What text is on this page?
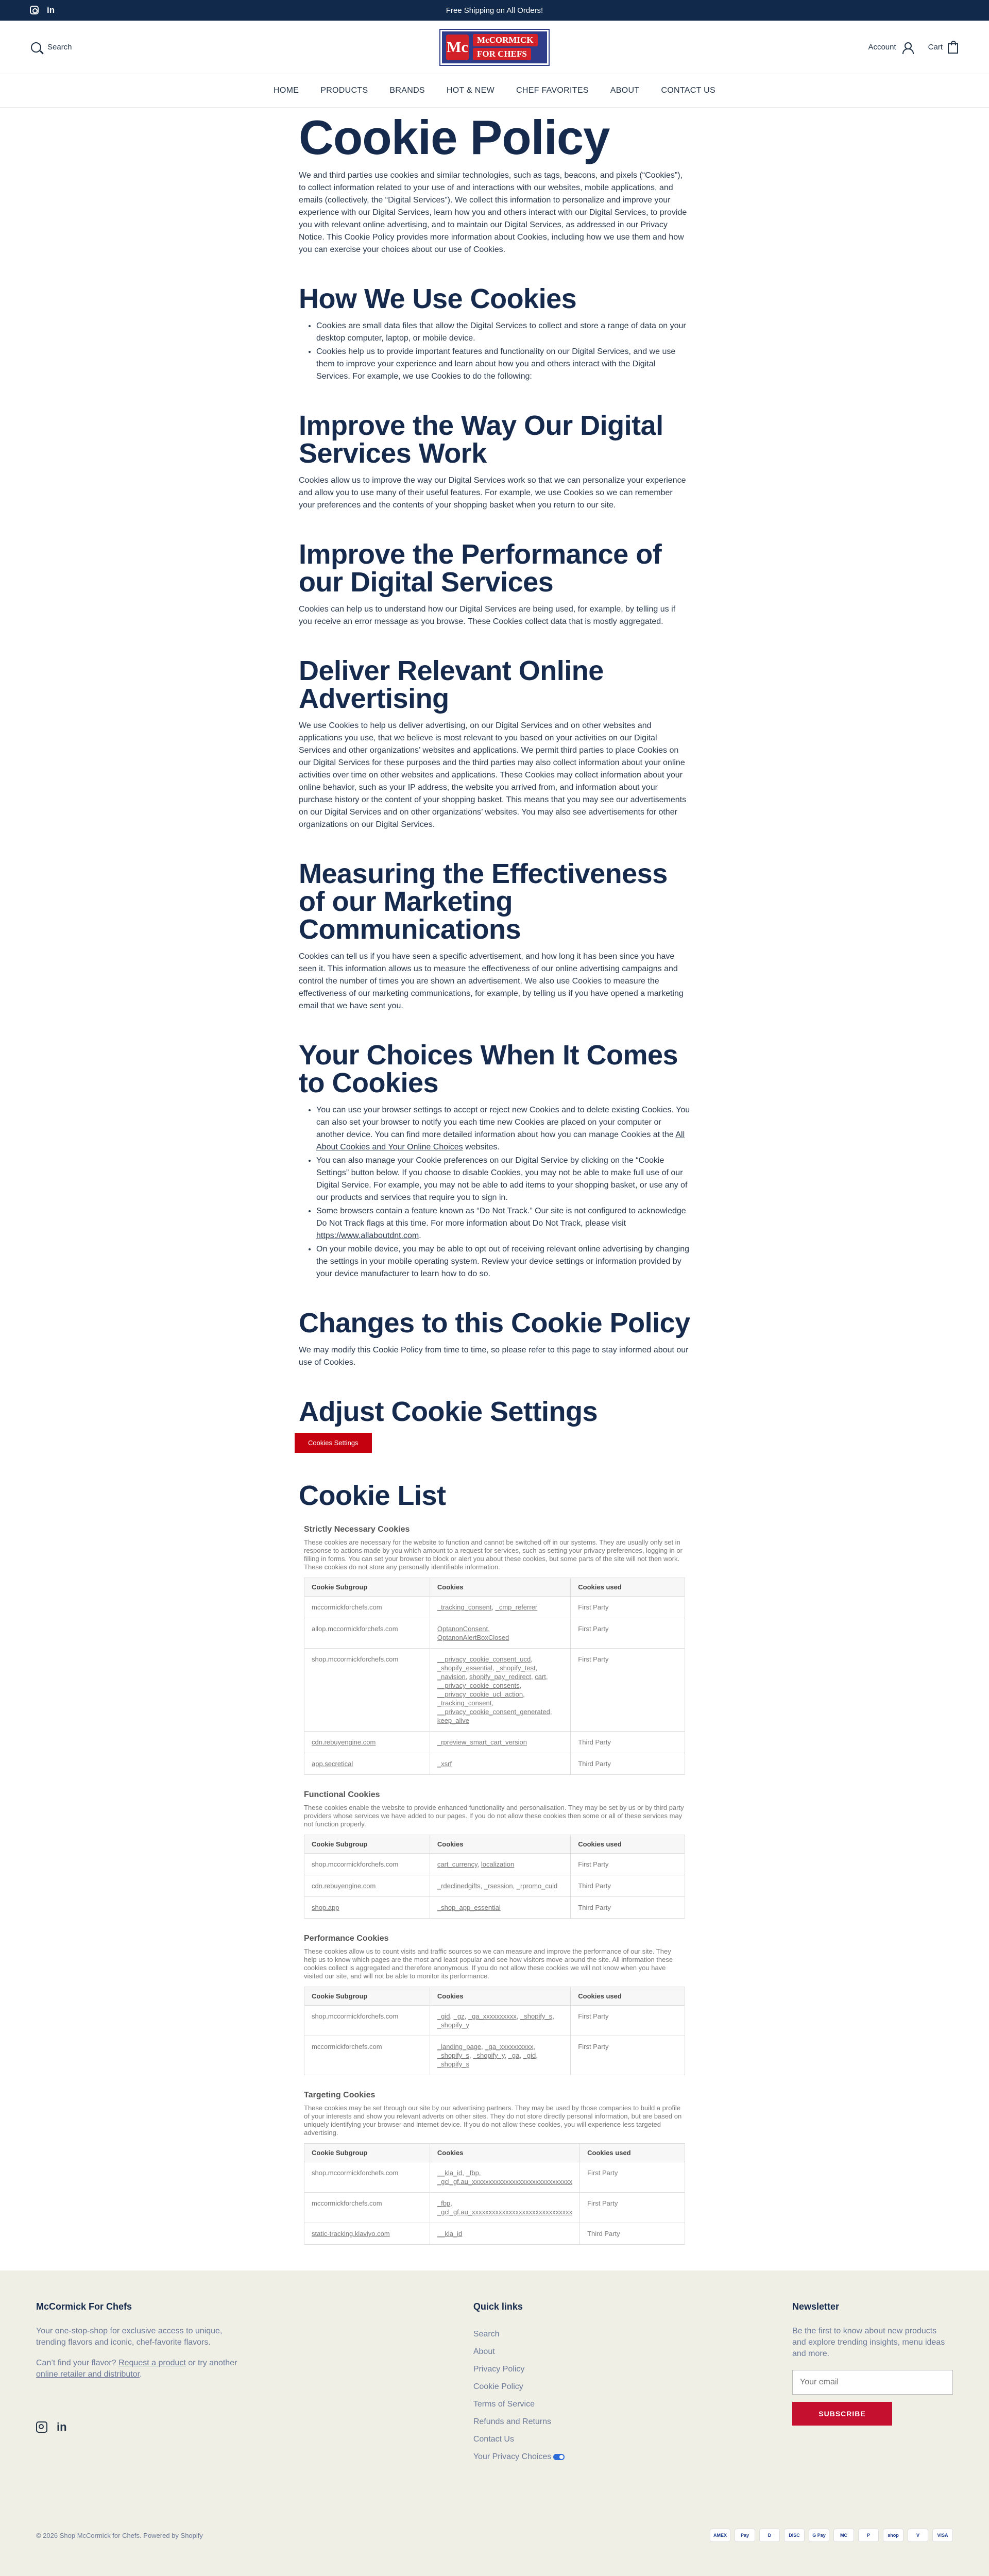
in	Free Shipping on All Orders!
Search	Mc	McCORMICK
FOR CHEFS
Account	Cart
HOME	PRODUCTS	BRANDS	HOT & NEW	CHEF FAVORITES	ABOUT	CONTACT US
Cookie Policy

We and third parties use cookies and similar technologies, such as tags, beacons, and pixels (“Cookies”), to collect information related to your use of and interactions with our websites, mobile applications, and emails (collectively, the “Digital Services”). We collect this information to personalize and improve your experience with our Digital Services, learn how you and others interact with our Digital Services, to provide you with relevant online advertising, and to maintain our Digital Services, as addressed in our Privacy Notice. This Cookie Policy provides more information about Cookies, including how we use them and how you can exercise your choices about our use of Cookies.

How We Use Cookies
• Cookies are small data files that allow the Digital Services to collect and store a range of data on your desktop computer, laptop, or mobile device.
• Cookies help us to provide important features and functionality on our Digital Services, and we use them to improve your experience and learn about how you and others interact with the Digital Services. For example, we use Cookies to do the following:
Improve the Way Our Digital Services Work

Cookies allow us to improve the way our Digital Services work so that we can personalize your experience and allow you to use many of their useful features. For example, we use Cookies so we can remember your preferences and the contents of your shopping basket when you return to our site.

Improve the Performance of our Digital Services

Cookies can help us to understand how our Digital Services are being used, for example, by telling us if you receive an error message as you browse. These Cookies collect data that is mostly aggregated.

Deliver Relevant Online Advertising

We use Cookies to help us deliver advertising, on our Digital Services and on other websites and applications you use, that we believe is most relevant to you based on your activities on our Digital Services and other organizations’ websites and applications. We permit third parties to place Cookies on our Digital Services for these purposes and the third parties may also collect information about your online activities over time on other websites and applications. These Cookies may collect information about your online behavior, such as your IP address, the website you arrived from, and information about your purchase history or the content of your shopping basket. This means that you may see our advertisements on our Digital Services and on other organizations’ websites. You may also see advertisements for other organizations on our Digital Services.

Measuring the Effectiveness of our Marketing Communications

Cookies can tell us if you have seen a specific advertisement, and how long it has been since you have seen it. This information allows us to measure the effectiveness of our online advertising campaigns and control the number of times you are shown an advertisement. We also use Cookies to measure the effectiveness of our marketing communications, for example, by telling us if you have opened a marketing email that we have sent you.

Your Choices When It Comes to Cookies
• You can use your browser settings to accept or reject new Cookies and to delete existing Cookies. You can also set your browser to notify you each time new Cookies are placed on your computer or another device. You can find more detailed information about how you can manage Cookies at the All About Cookies and Your Online Choices websites.
• You can also manage your Cookie preferences on our Digital Service by clicking on the “Cookie Settings” button below. If you choose to disable Cookies, you may not be able to make full use of our Digital Service. For example, you may not be able to add items to your shopping basket, or use any of our products and services that require you to sign in.
• Some browsers contain a feature known as “Do Not Track.” Our site is not configured to acknowledge Do Not Track flags at this time. For more information about Do Not Track, please visit https://www.allaboutdnt.com.
• On your mobile device, you may be able to opt out of receiving relevant online advertising by changing the settings in your mobile operating system. Review your device settings or information provided by your device manufacturer to learn how to do so.
Changes to this Cookie Policy

We may modify this Cookie Policy from time to time, so please refer to this page to stay informed about our use of Cookies.

Adjust Cookie Settings
Cookies Settings
Cookie List
Strictly Necessary Cookies
These cookies are necessary for the website to function and cannot be switched off in our systems. They are usually only set in response to actions made by you which amount to a request for services, such as setting your privacy preferences, logging in or filling in forms. You can set your browser to block or alert you about these cookies, but some parts of the site will not then work. These cookies do not store any personally identifiable information.
Cookie Subgroup	Cookies	Cookies used
mccormickforchefs.com	_tracking_consent, _cmp_referrer	First Party
allop.mccormickforchefs.com	OptanonConsent, OptanonAlertBoxClosed	First Party
shop.mccormickforchefs.com	__privacy_cookie_consent_ucd, _shopify_essential, _shopify_test, _navision, shopify_pay_redirect, cart, __privacy_cookie_consents, __privacy_cookie_ucl_action, _tracking_consent, __privacy_cookie_consent_generated, keep_alive	First Party
cdn.rebuyengine.com	_rpreview_smart_cart_version	Third Party
app.secretical	_xsrf	Third Party
Functional Cookies
These cookies enable the website to provide enhanced functionality and personalisation. They may be set by us or by third party providers whose services we have added to our pages. If you do not allow these cookies then some or all of these services may not function properly.
Cookie Subgroup	Cookies	Cookies used
shop.mccormickforchefs.com	cart_currency, localization	First Party
cdn.rebuyengine.com	_rdeclinedgifts, _rsession, _rpromo_cuid	Third Party
shop.app	_shop_app_essential	Third Party
Performance Cookies
These cookies allow us to count visits and traffic sources so we can measure and improve the performance of our site. They help us to know which pages are the most and least popular and see how visitors move around the site. All information these cookies collect is aggregated and therefore anonymous. If you do not allow these cookies we will not know when you have visited our site, and will not be able to monitor its performance.
Cookie Subgroup	Cookies	Cookies used
shop.mccormickforchefs.com	_gid, _gz, _ga_xxxxxxxxxx, _shopify_s, _shopify_y	First Party
mccormickforchefs.com	_landing_page, _ga_xxxxxxxxxx, _shopify_s, _shopify_y, _ga, _gid, _shopify_s	First Party
Targeting Cookies
These cookies may be set through our site by our advertising partners. They may be used by those companies to build a profile of your interests and show you relevant adverts on other sites. They do not store directly personal information, but are based on uniquely identifying your browser and internet device. If you do not allow these cookies, you will experience less targeted advertising.
Cookie Subgroup	Cookies	Cookies used
shop.mccormickforchefs.com	__kla_id, _fbp, _gcl_gf.au_xxxxxxxxxxxxxxxxxxxxxxxxxxxxxx	First Party
mccormickforchefs.com	_fbp, _gcl_gf.au_xxxxxxxxxxxxxxxxxxxxxxxxxxxxxx	First Party
static-tracking.klaviyo.com	__kla_id	Third Party
McCormick For Chefs

Your one-stop-shop for exclusive access to unique, trending flavors and iconic, chef-favorite flavors.

Can’t find your flavor? Request a product or try another online retailer and distributor.

in
Quick links
Search
About
Privacy Policy
Cookie Policy
Terms of Service
Refunds and Returns
Contact Us
Your Privacy Choices
Newsletter

Be the first to know about new products and explore trending insights, menu ideas and more.

Your email
SUBSCRIBE
© 2026 Shop McCormick for Chefs. Powered by Shopify	AMEX	Pay	D	DISC	G Pay	MC	P	shop	V	VISA
